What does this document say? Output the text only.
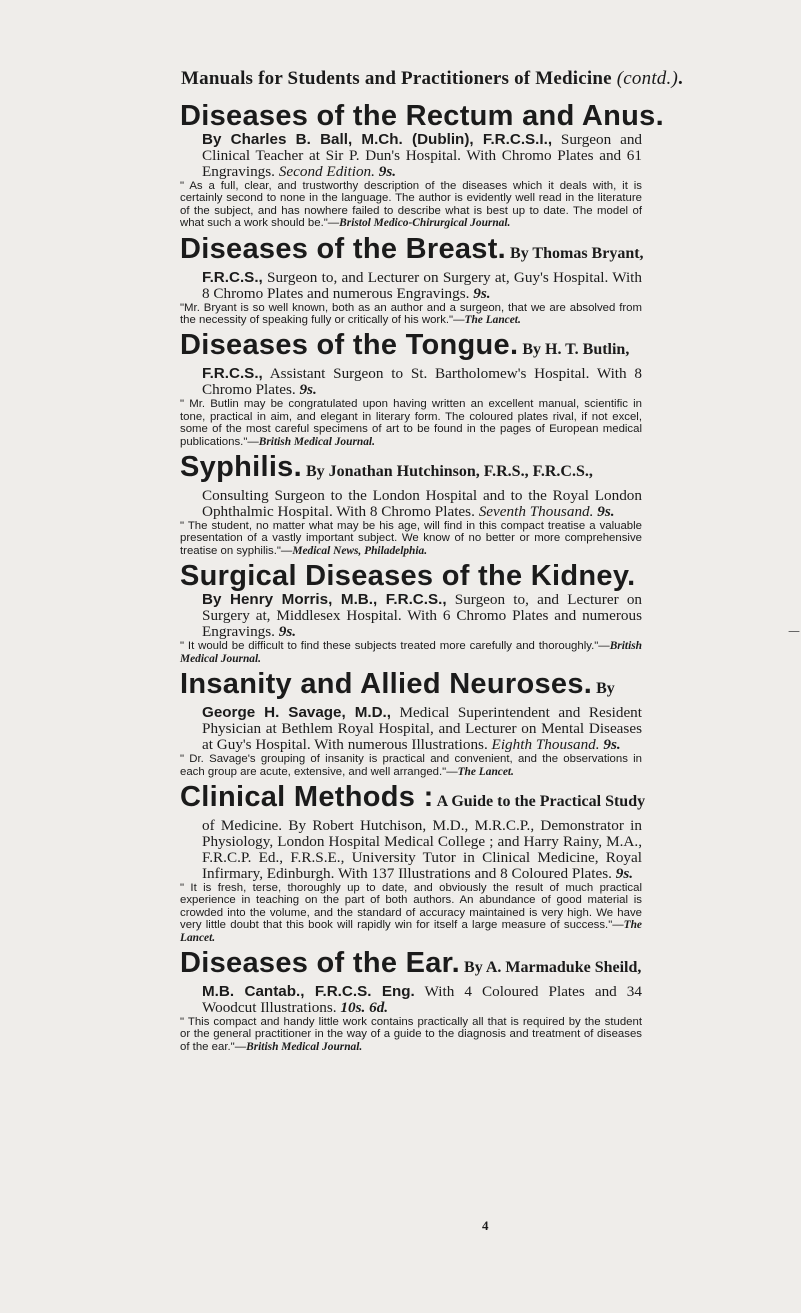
Manuals for Students and Practitioners of Medicine (contd.).
Diseases of the Rectum and Anus.
By Charles B. Ball, M.Ch. (Dublin), F.R.C.S.I., Surgeon and Clinical Teacher at Sir P. Dun's Hospital. With Chromo Plates and 61 Engravings. Second Edition. 9s.
" As a full, clear, and trustworthy description of the diseases which it deals with, it is certainly second to none in the language. The author is evidently well read in the literature of the subject, and has nowhere failed to describe what is best up to date. The model of what such a work should be."—Bristol Medico-Chirurgical Journal.
Diseases of the Breast. By Thomas Bryant,
F.R.C.S., Surgeon to, and Lecturer on Surgery at, Guy's Hospital. With 8 Chromo Plates and numerous Engravings. 9s.
"Mr. Bryant is so well known, both as an author and a surgeon, that we are absolved from the necessity of speaking fully or critically of his work."—The Lancet.
Diseases of the Tongue. By H. T. Butlin,
F.R.C.S., Assistant Surgeon to St. Bartholomew's Hospital. With 8 Chromo Plates. 9s.
" Mr. Butlin may be congratulated upon having written an excellent manual, scientific in tone, practical in aim, and elegant in literary form. The coloured plates rival, if not excel, some of the most careful specimens of art to be found in the pages of European medical publications."—British Medical Journal.
Syphilis. By Jonathan Hutchinson, F.R.S., F.R.C.S.,
Consulting Surgeon to the London Hospital and to the Royal London Ophthalmic Hospital. With 8 Chromo Plates. Seventh Thousand. 9s.
" The student, no matter what may be his age, will find in this compact treatise a valuable presentation of a vastly important subject. We know of no better or more comprehensive treatise on syphilis."—Medical News, Philadelphia.
Surgical Diseases of the Kidney.
By Henry Morris, M.B., F.R.C.S., Surgeon to, and Lecturer on Surgery at, Middlesex Hospital. With 6 Chromo Plates and numerous Engravings. 9s.
" It would be difficult to find these subjects treated more carefully and thoroughly."—British Medical Journal.
Insanity and Allied Neuroses. By
George H. Savage, M.D., Medical Superintendent and Resident Physician at Bethlem Royal Hospital, and Lecturer on Mental Diseases at Guy's Hospital. With numerous Illustrations. Eighth Thousand. 9s.
" Dr. Savage's grouping of insanity is practical and convenient, and the observations in each group are acute, extensive, and well arranged."—The Lancet.
Clinical Methods : A Guide to the Practical Study
of Medicine. By Robert Hutchison, M.D., M.R.C.P., Demonstrator in Physiology, London Hospital Medical College ; and Harry Rainy, M.A., F.R.C.P. Ed., F.R.S.E., University Tutor in Clinical Medicine, Royal Infirmary, Edinburgh. With 137 Illustrations and 8 Coloured Plates. 9s.
" It is fresh, terse, thoroughly up to date, and obviously the result of much practical experience in teaching on the part of both authors. An abundance of good material is crowded into the volume, and the standard of accuracy maintained is very high. We have very little doubt that this book will rapidly win for itself a large measure of success."—The Lancet.
Diseases of the Ear. By A. Marmaduke Sheild,
M.B. Cantab., F.R.C.S. Eng. With 4 Coloured Plates and 34 Woodcut Illustrations. 10s. 6d.
" This compact and handy little work contains practically all that is required by the student or the general practitioner in the way of a guide to the diagnosis and treatment of diseases of the ear."—British Medical Journal.
—
4
